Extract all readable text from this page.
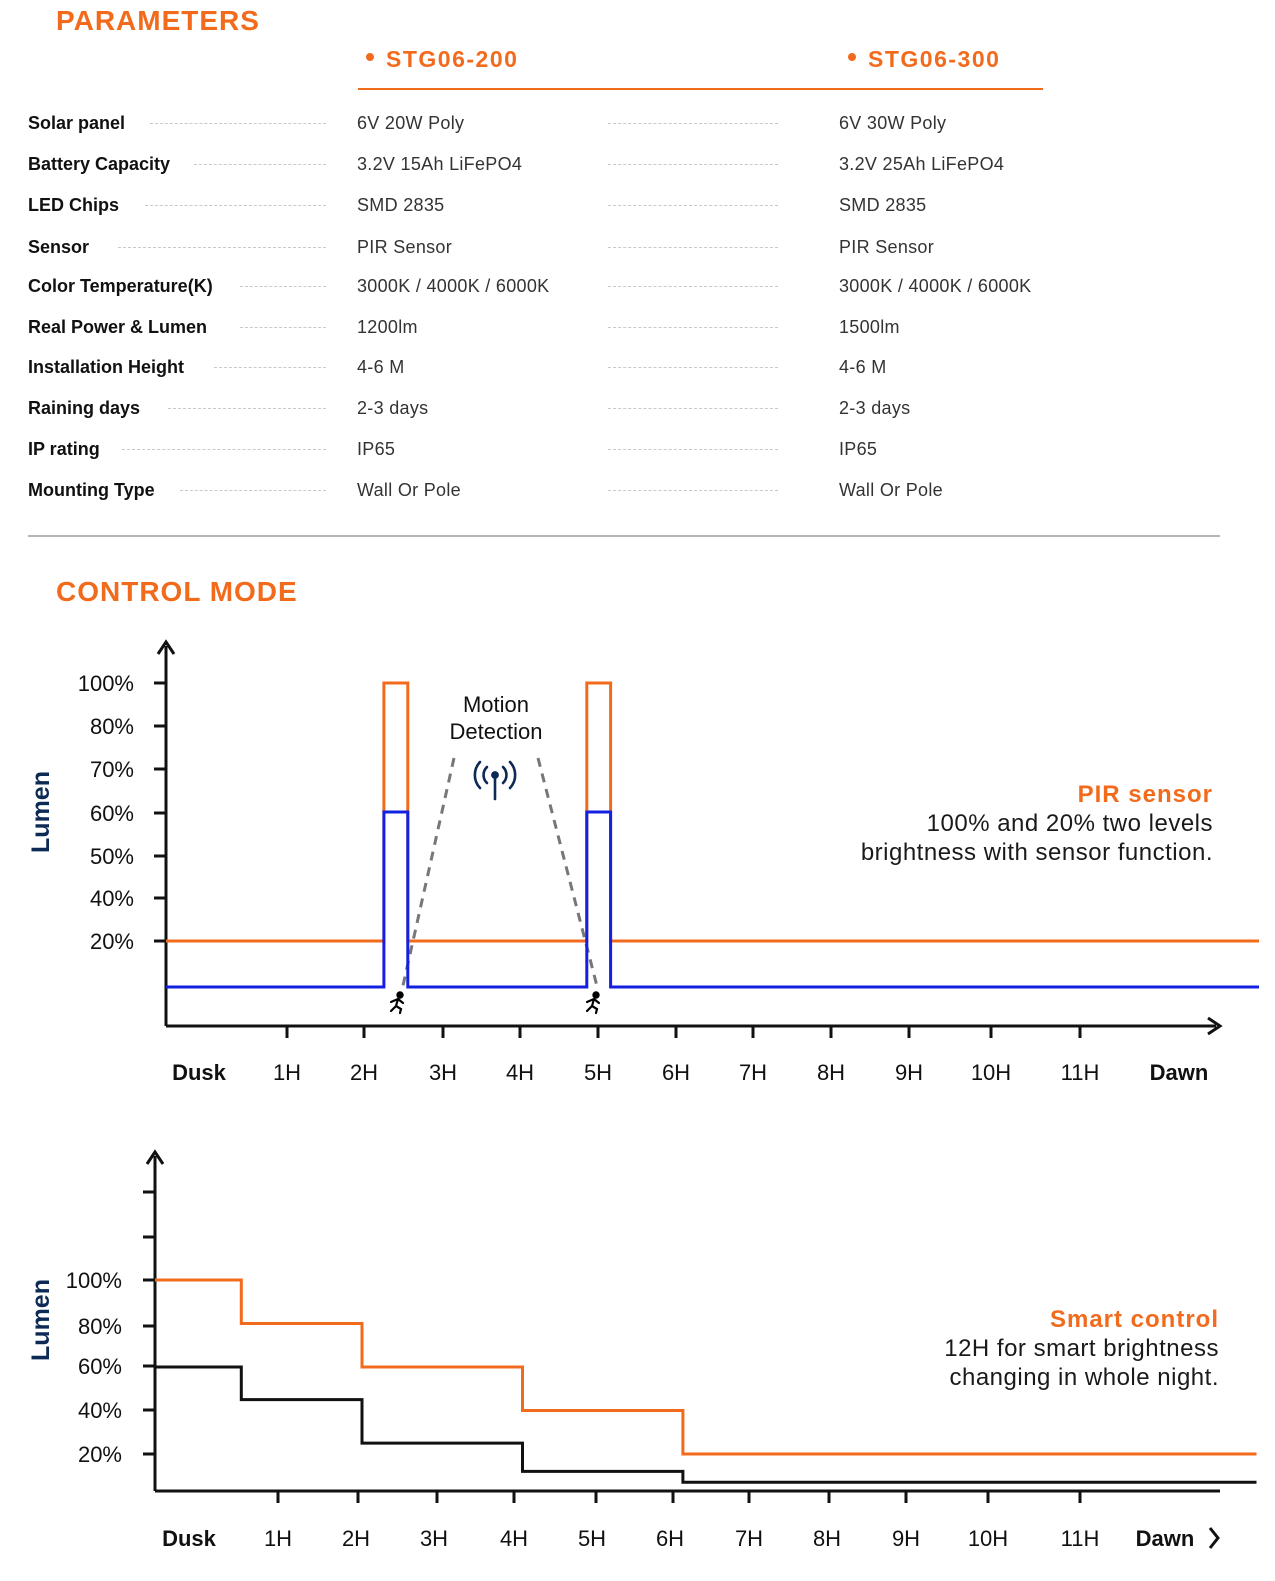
PARAMETERS
STG06-200	STG06-300
Solar panel	6V 20W Poly	6V 30W Poly
Battery Capacity	3.2V 15Ah LiFePO4	3.2V 25Ah LiFePO4
LED Chips	SMD 2835	SMD 2835
Sensor	PIR Sensor	PIR Sensor
Color Temperature(K)	3000K / 4000K / 6000K	3000K / 4000K / 6000K
Real Power & Lumen	1200lm	1500lm
Installation Height	4-6 M	4-6 M
Raining days	2-3 days	2-3 days
IP rating	IP65	IP65
Mounting Type	Wall Or Pole	Wall Or Pole
CONTROL MODE
100%
80%
70%
60%
50%
40%
20%
Dusk 1H 2H 3H 4H 5H 6H 7H 8H 9H 10H 11H Dawn
Lumen
Motion
Detection
PIR sensor
100% and 20% two levels
brightness with sensor function.
100%
80%
60%
40%
20%
Dusk 1H 2H 3H 4H 5H 6H 7H 8H 9H 10H 11H Dawn
Lumen	Smart control
12H for smart brightness
changing in whole night.
